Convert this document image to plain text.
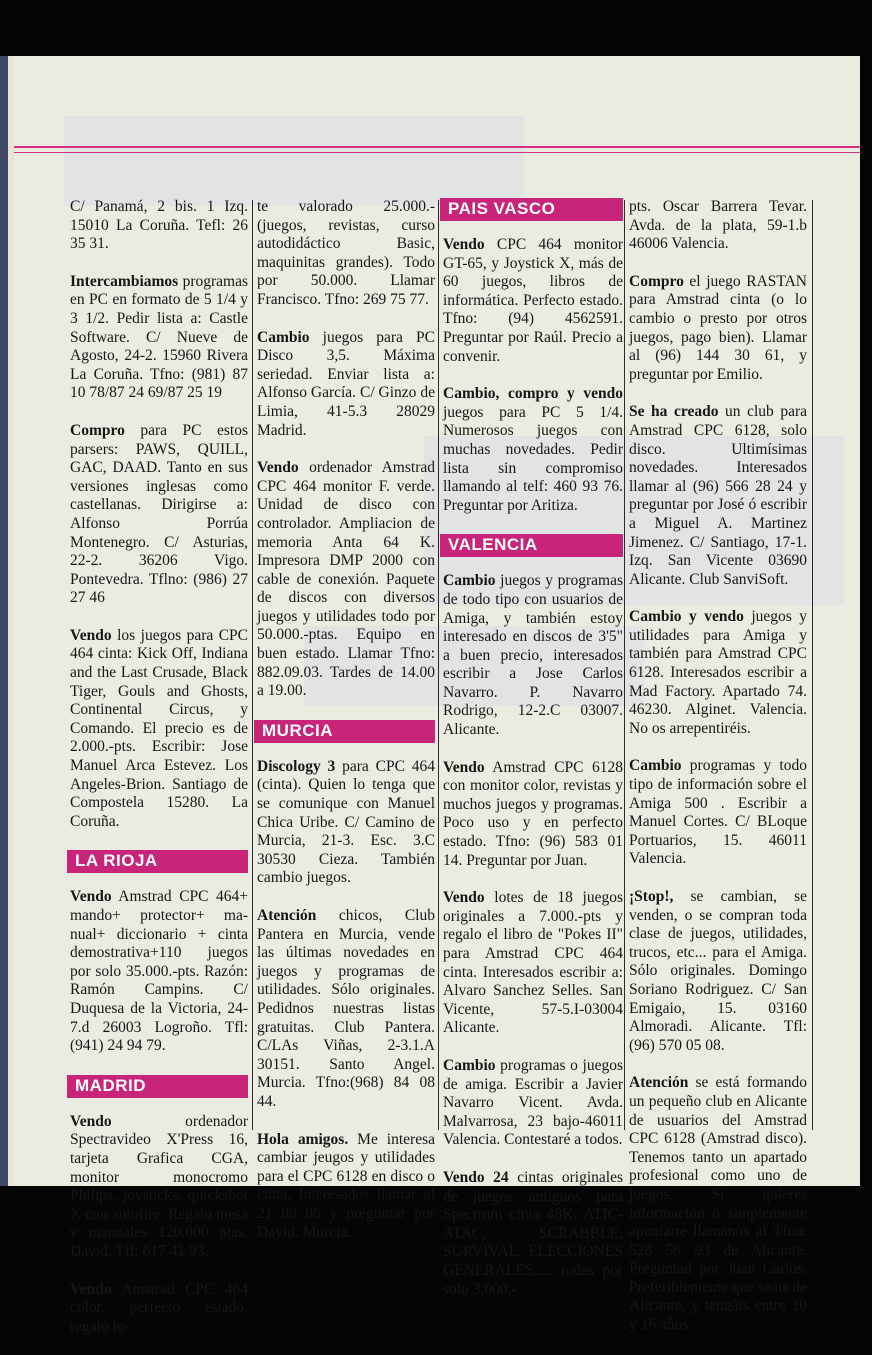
C/ Panamá, 2 bis. 1 Izq. 15010 La Coruña. Tefl: 26 35 31.

Intercambiamos programas en PC en formato de 5 1/4 y 3 1/2. Pedir lista a: Castle Software. C/ Nueve de Agosto, 24-2. 15960 Rivera La Coruña. Tfno: (981) 87 10 78/87 24 69/87 25 19

Compro para PC estos parsers: PAWS, QUILL, GAC, DAAD. Tanto en sus versiones inglesas como castellanas. Dirigirse a: Alfonso Porrúa Montenegro. C/ Asturias, 22-2. 36206 Vigo. Pontevedra. Tflno: (986) 27 27 46

Vendo los juegos para CPC 464 cinta: Kick Off, Indiana and the Last Crusade, Black Tiger, Gouls and Ghosts, Continental Circus, y Comando. El precio es de 2.000.-pts. Escribir: Jose Manuel Arca Estevez. Los Angeles-Brion. Santiago de Compostela 15280. La Coruña.

LA RIOJA

Vendo Amstrad CPC 464+ mando+ protector+ ma-nual+ diccionario + cinta demostrativa+110 juegos por solo 35.000.-pts. Razón: Ramón Campins. C/ Duquesa de la Victoria, 24-7.d 26003 Logroño. Tfl: (941) 24 94 79.

MADRID

Vendo ordenador Spectravideo X'Press 16, tarjeta Grafica CGA, monitor monocromo Philips, joysticks, quickshot X con autofire. Regalo mesa y manuales 120.000 ptas. David. Tfl: 617 41 93.

Vendo Amstrad CPC 464 color, perfecto estado, regalo lo-

te valorado 25.000.- (juegos, revistas, curso autodidáctico Basic, maquinitas grandes). Todo por 50.000. Llamar Francisco. Tfno: 269 75 77.

Cambio juegos para PC Disco 3,5. Máxima seriedad. Enviar lista a: Alfonso García. C/ Ginzo de Limia, 41-5.3 28029 Madrid.

Vendo ordenador Amstrad CPC 464 monitor F. verde. Unidad de disco con controlador. Ampliacion de memoria Anta 64 K. Impresora DMP 2000 con cable de conexión. Paquete de discos con diversos juegos y utilidades todo por 50.000.-ptas. Equipo en buen estado. Llamar Tfno: 882.09.03. Tardes de 14.00 a 19.00.

MURCIA

Discology 3 para CPC 464 (cinta). Quien lo tenga que se comunique con Manuel Chica Uribe. C/ Camino de Murcia, 21-3. Esc. 3.C 30530 Cieza. También cambio juegos.

Atención chicos, Club Pantera en Murcia, vende las últimas novedades en juegos y programas de utilidades. Sólo originales. Pedidnos nuestras listas gratuitas. Club Pantera. C/LAs Viñas, 2-3.1.A 30151. Santo Angel. Murcia. Tfno:(968) 84 08 44.

Hola amigos. Me interesa cambiar jeugos y utilidades para el CPC 6128 en disco o cinta, Interesados llamar al 21 89 06 y preguntar por David. Murcia.

PAIS VASCO

Vendo CPC 464 monitor GT-65, y Joystick X, más de 60 juegos, libros de informática. Perfecto estado. Tfno: (94) 4562591. Preguntar por Raúl. Precio a convenir.

Cambio, compro y vendo juegos para PC 5 1/4. Numerosos juegos con muchas novedades. Pedir lista sin compromiso llamando al telf: 460 93 76. Preguntar por Aritiza.

VALENCIA

Cambio juegos y programas de todo tipo con usuarios de Amiga, y también estoy interesado en discos de 3'5" a buen precio, interesados escribir a Jose Carlos Navarro. P. Navarro Rodrigo, 12-2.C 03007. Alicante.

Vendo Amstrad CPC 6128 con monitor color, revistas y muchos juegos y programas. Poco uso y en perfecto estado. Tfno: (96) 583 01 14. Preguntar por Juan.

Vendo lotes de 18 juegos originales a 7.000.-pts y regalo el libro de "Pokes II" para Amstrad CPC 464 cinta. Interesados escribir a: Alvaro Sanchez Selles. San Vicente, 57-5.I-03004 Alicante.

Cambio programas o juegos de amiga. Escribir a Javier Navarro Vicent. Avda. Malvarrosa, 23 bajo-46011 Valencia. Contestaré a todos.

Vendo 24 cintas originales de juegos antiguos para Spectrum cinta 48K. ATIC-ATAC, SCRABBLE, SURVIVAL, ELECCIONES GENERALES..... todas por solo 3.000.-

pts. Oscar Barrera Tevar. Avda. de la plata, 59-1.b 46006 Valencia.

Compro el juego RASTAN para Amstrad cinta (o lo cambio o presto por otros juegos, pago bien). Llamar al (96) 144 30 61, y preguntar por Emilio.

Se ha creado un club para Amstrad CPC 6128, solo disco. Ultimísimas novedades. Interesados llamar al (96) 566 28 24 y preguntar por José ó escribir a Miguel A. Martinez Jimenez. C/ Santiago, 17-1. Izq. San Vicente 03690 Alicante. Club SanviSoft.

Cambio y vendo juegos y utilidades para Amiga y también para Amstrad CPC 6128. Interesados escribir a Mad Factory. Apartado 74. 46230. Alginet. Valencia. No os arrepentiréis.

Cambio programas y todo tipo de información sobre el Amiga 500 . Escribir a Manuel Cortes. C/ BLoque Portuarios, 15. 46011 Valencia.

¡Stop!, se cambian, se venden, o se compran toda clase de juegos, utilidades, trucos, etc... para el Amiga. Sólo originales. Domingo Soriano Rodriguez. C/ San Emigaio, 15. 03160 Almoradi. Alicante. Tfl: (96) 570 05 08.

Atención se está formando un pequeño club en Alicante de usuarios del Amstrad CPC 6128 (Amstrad disco). Tenemos tanto un apartado profesional como uno de juegos. Si quieres información o simplemente apuntarte llamanos al Tfno. 528 56 93 de Alicante. Preguntad por Juan Carlos. Preferiblemente que seáis de Alicante, y tengáis entre 10 y 16 años.
